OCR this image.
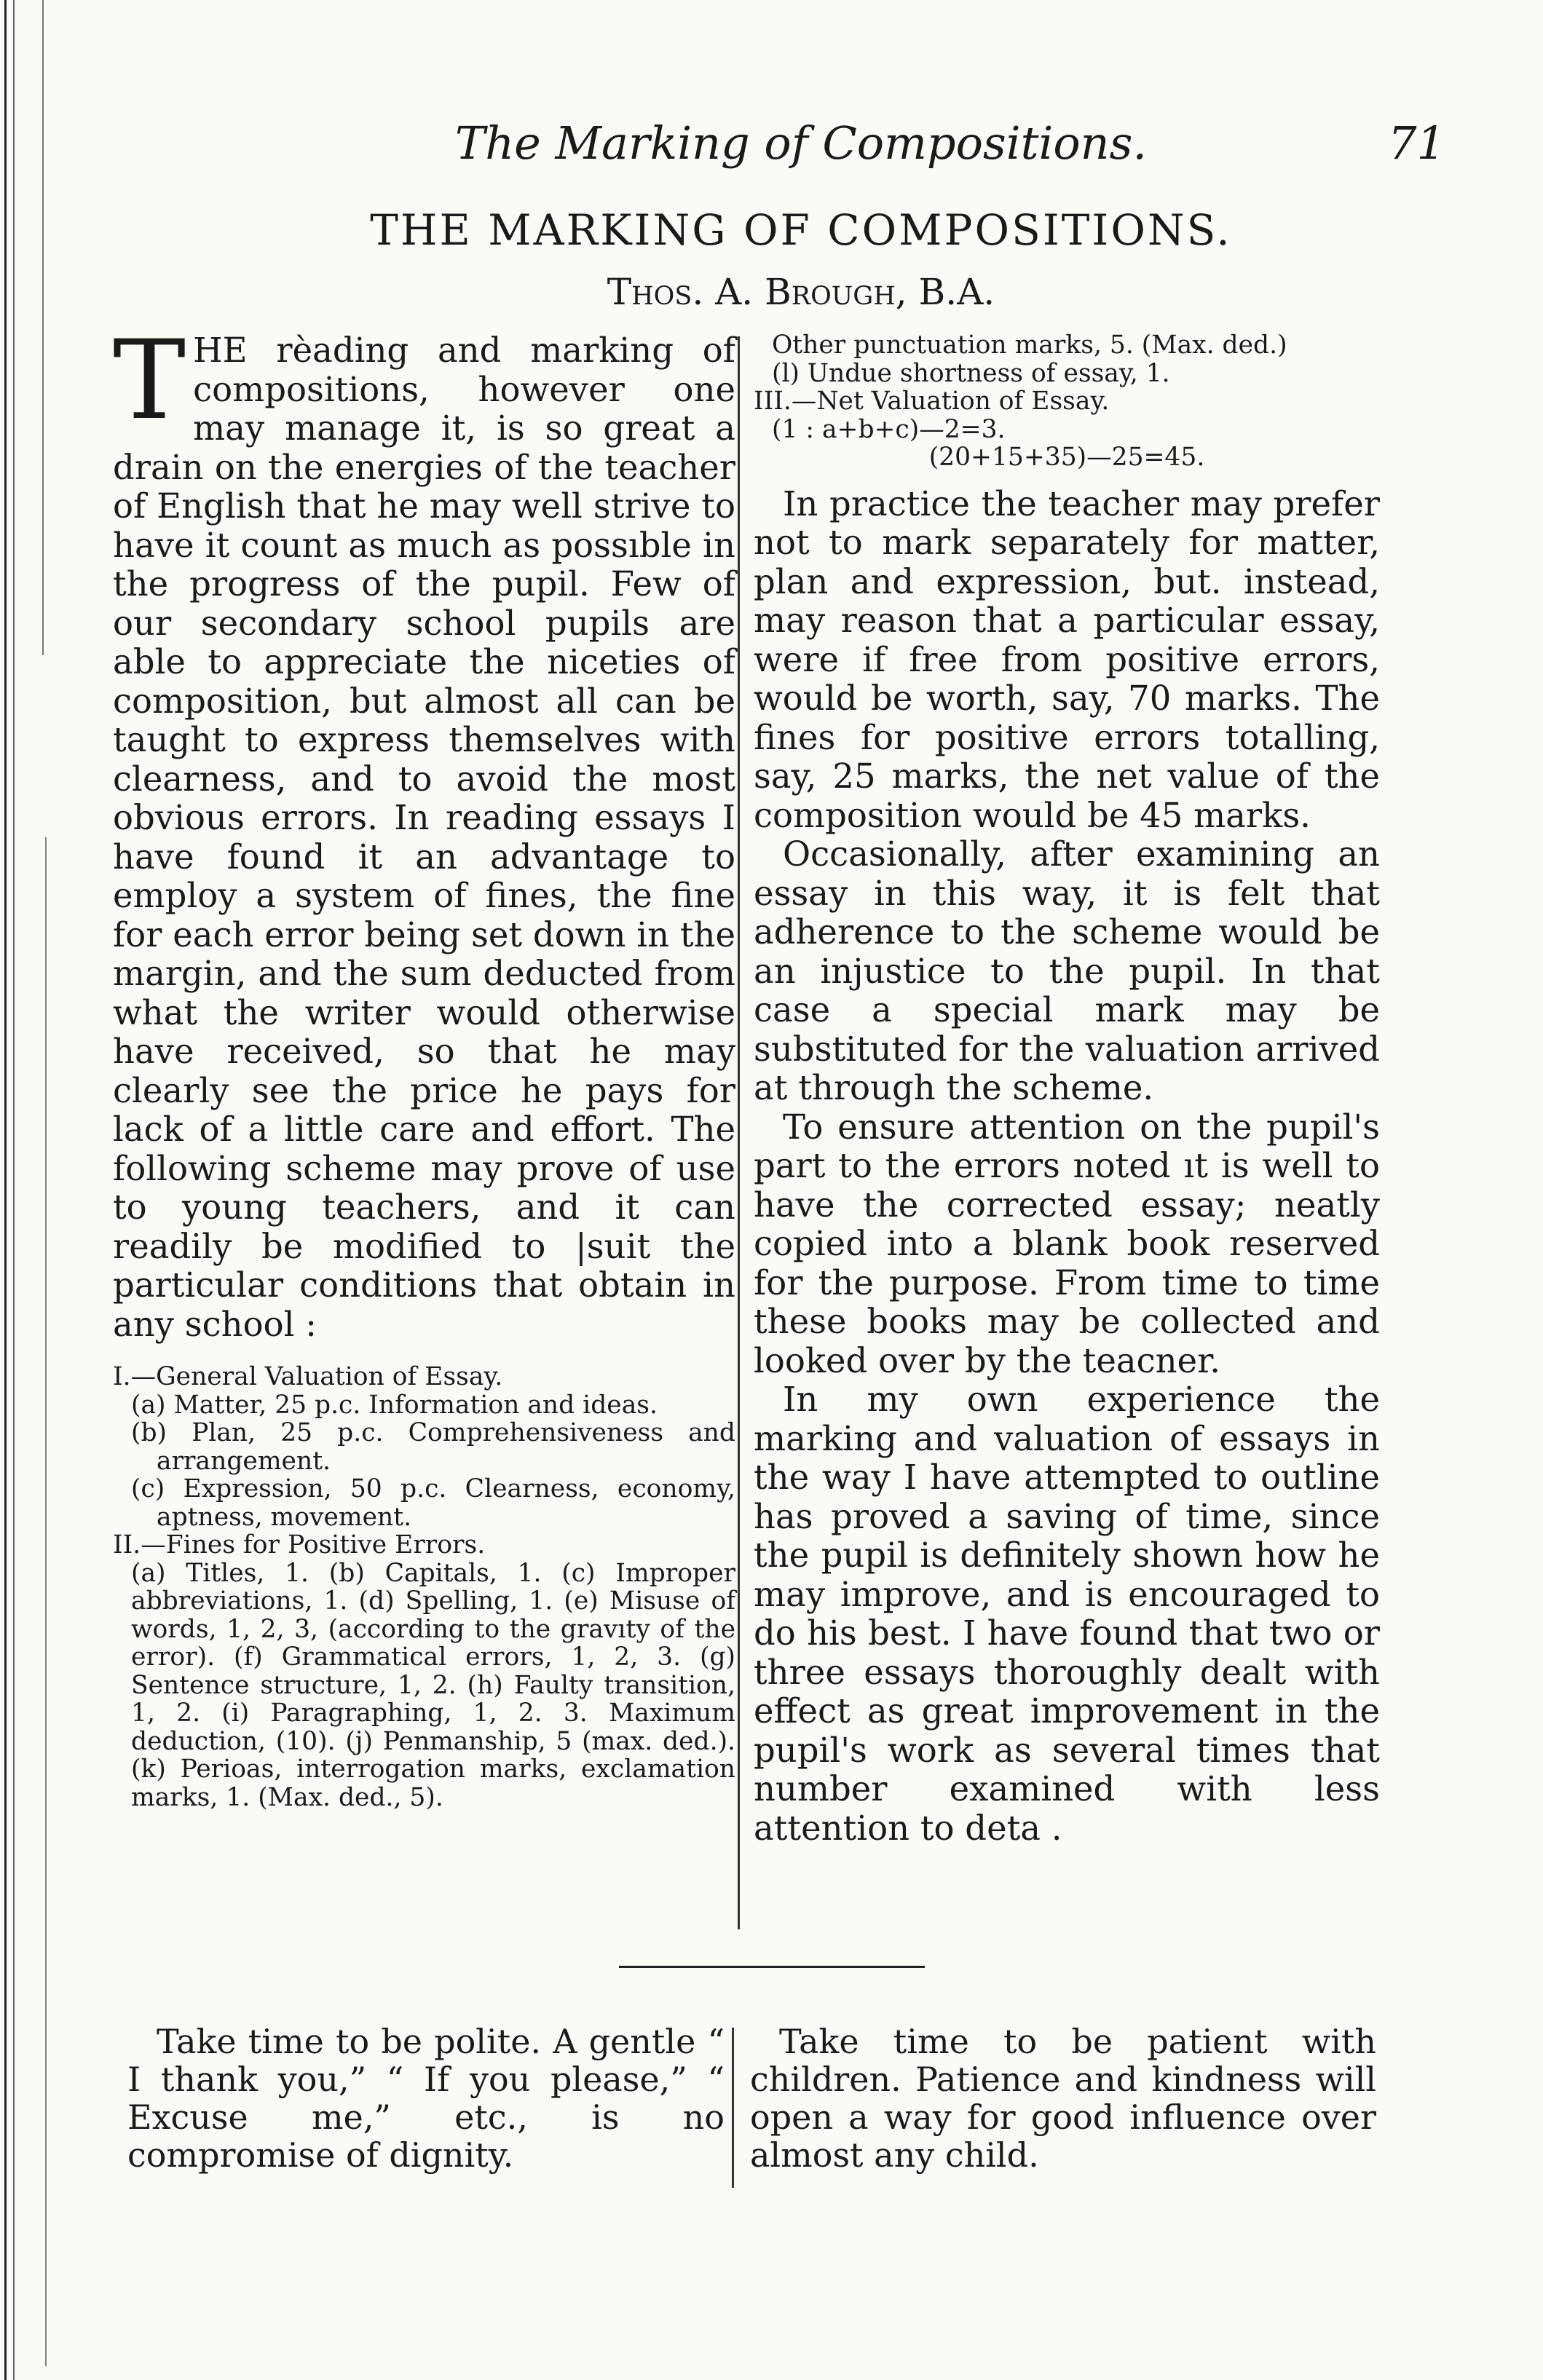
The Marking of Compositions.	71
THE MARKING OF COMPOSITIONS.
Thos. A. Brough, B.A.

THE rèading and marking of compositions, however one may manage it, is so great a drain on the energies of the teacher of English that he may well strive to have it count as much as possıble in the progress of the pupil. Few of our secondary school pupils are able to appreciate the niceties of composition, but almost all can be taught to express themselves with clearness, and to avoid the most obvious errors. In reading essays I have found it an advantage to employ a system of fines, the fine for each error being set down in the margin, and the sum deducted from what the writer would otherwise have received, so that he may clearly see the price he pays for lack of a little care and effort. The following scheme may prove of use to young teachers, and it can readily be modified to |suit the particular conditions that obtain in any school :

I.—General Valuation of Essay.
(a) Matter, 25 p.c. Information and ideas.
(b) Plan, 25 p.c. Comprehensiveness and arrangement.
(c) Expression, 50 p.c. Clearness, economy, aptness, movement.
II.—Fines for Positive Errors.
(a) Titles, 1. (b) Capitals, 1. (c) Improper abbreviations, 1. (d) Spelling, 1. (e) Misuse of words, 1, 2, 3, (according to the gravıty of the error). (f) Grammatical errors, 1, 2, 3. (g) Sentence structure, 1, 2. (h) Faulty transition, 1, 2. (i) Paragraphing, 1, 2. 3. Maximum deduction, (10). (j) Penmanship, 5 (max. ded.). (k) Perioas, interrogation marks, exclamation marks, 1. (Max. ded., 5).
Other punctuation marks, 5. (Max. ded.)
(l) Undue shortness of essay, 1.
III.—Net Valuation of Essay.
(1 : a+b+c)—2=3.
(20+15+35)—25=45.

In practice the teacher may prefer not to mark separately for matter, plan and expression, but. instead, may reason that a particular essay, were if free from positive errors, would be worth, say, 70 marks. The fines for positive errors totalling, say, 25 marks, the net value of the composition would be 45 marks.

Occasionally, after examining an essay in this way, it is felt that adherence to the scheme would be an injustice to the pupil. In that case a special mark may be substituted for the valuation arrived at through the scheme.

To ensure attention on the pupil's part to the errors noted ıt is well to have the corrected essay; neatly copied into a blank book reserved for the purpose. From time to time these books may be collected and looked over by the teacner.

In my own experience the marking and valuation of essays in the way I have attempted to outline has proved a saving of time, since the pupil is definitely shown how he may improve, and is encouraged to do his best. I have found that two or three essays thoroughly dealt with effect as great improvement in the pupil's work as several times that number examined with less attention to deta .

Take time to be polite. A gentle “ I thank you,” “ If you please,” “ Excuse me,” etc., is no compromise of dignity.

Take time to be patient with children. Patience and kindness will open a way for good influence over almost any child.
